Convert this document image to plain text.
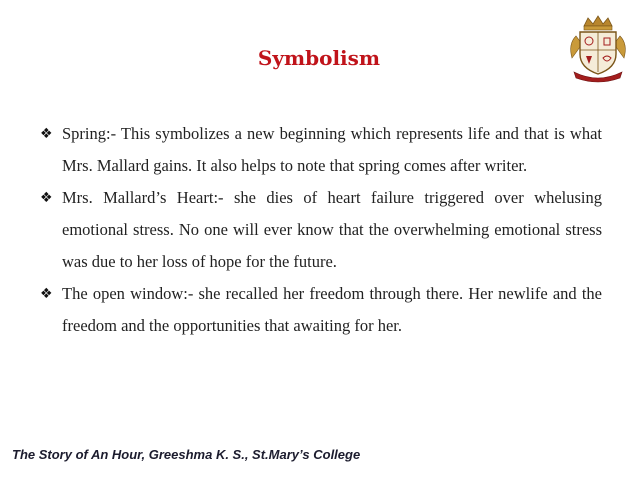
Symbolism
❖ Spring:- This symbolizes a new beginning which represents life and that is what Mrs. Mallard gains. It also helps to note that spring comes after writer.
❖ Mrs. Mallard’s Heart:- she dies of heart failure triggered over whelusing emotional stress. No one will ever know that the overwhelming emotional stress was due to her loss of hope for the future.
❖ The open window:- she recalled her freedom through there. Her newlife and the freedom and the opportunities that awaiting for her.
The Story of An Hour, Greeshma K. S., St.Mary’s College
